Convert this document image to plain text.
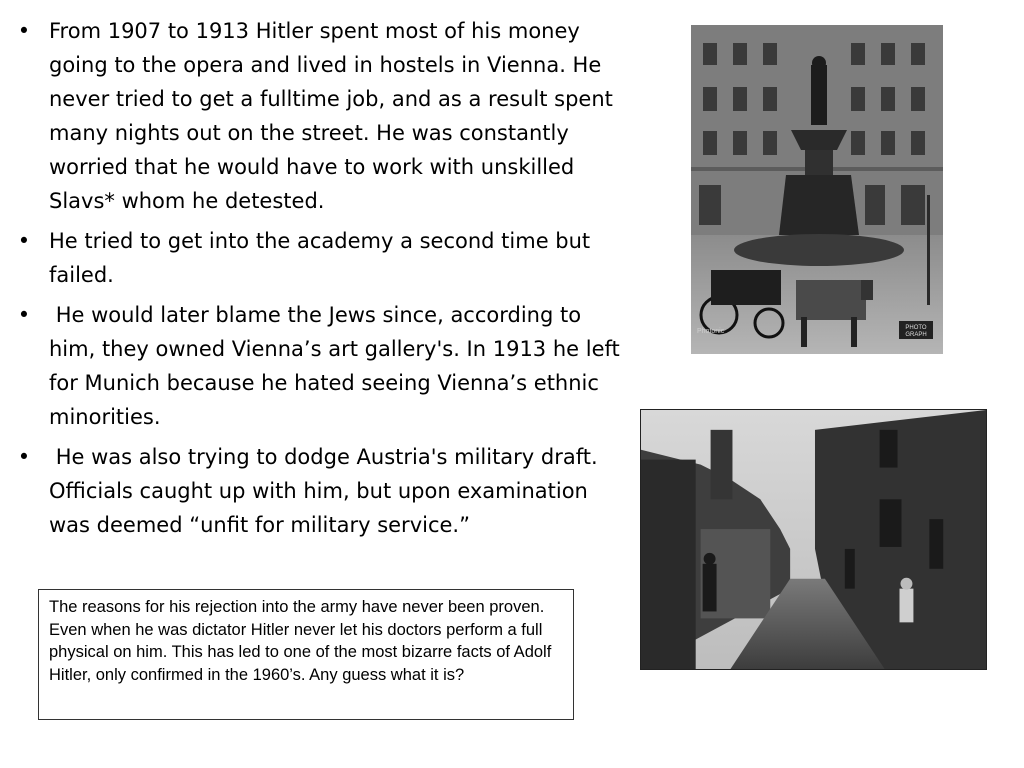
• From 1907 to 1913 Hitler spent most of his money going to the opera and lived in hostels in Vienna. He never tried to get a fulltime job, and as a result spent many nights out on the street. He was constantly worried that he would have to work with unskilled Slavs* whom he detested.
• He tried to get into the academy a second time but failed.
• He would later blame the Jews since, according to him, they owned Vienna’s art gallery's. In 1913 he left for Munich because he hated seeing Vienna’s ethnic minorities.
• He was also trying to dodge Austria's military draft. Officials caught up with him, but upon examination was deemed “unfit for military service.”
PHOTO
GRAPH
Photonic
The reasons for his rejection into the army have never been proven. Even when he was dictator Hitler never let his doctors perform a full physical on him. This has led to one of the most bizarre facts of Adolf Hitler, only confirmed in the 1960’s. Any guess what it is?
